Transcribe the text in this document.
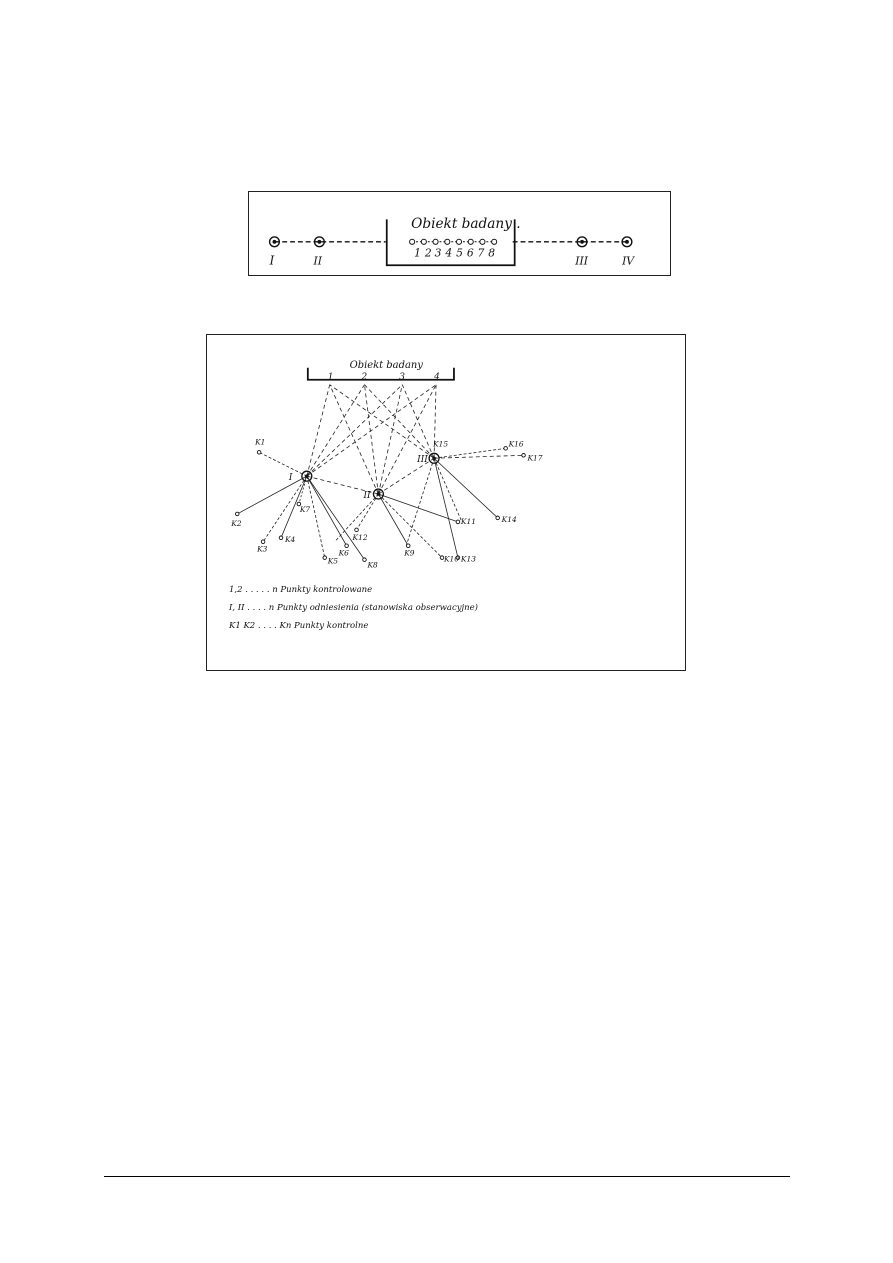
Obiekt badany .
I	II	III	IV
1 2 3 4 5 6 7 8
Obiekt badany
1	2	3	4
I
II
III
K1
K2
K3
K4
K5
K6
K7
K8
K9
K10
K11
K12
K13
K14
K15	K16
K17
1,2 . . . . . n Punkty kontrolowane
I, II . . . . n Punkty odniesienia (stanowiska obserwacyjne)
K1 K2 . . . . Kn Punkty kontrolne
